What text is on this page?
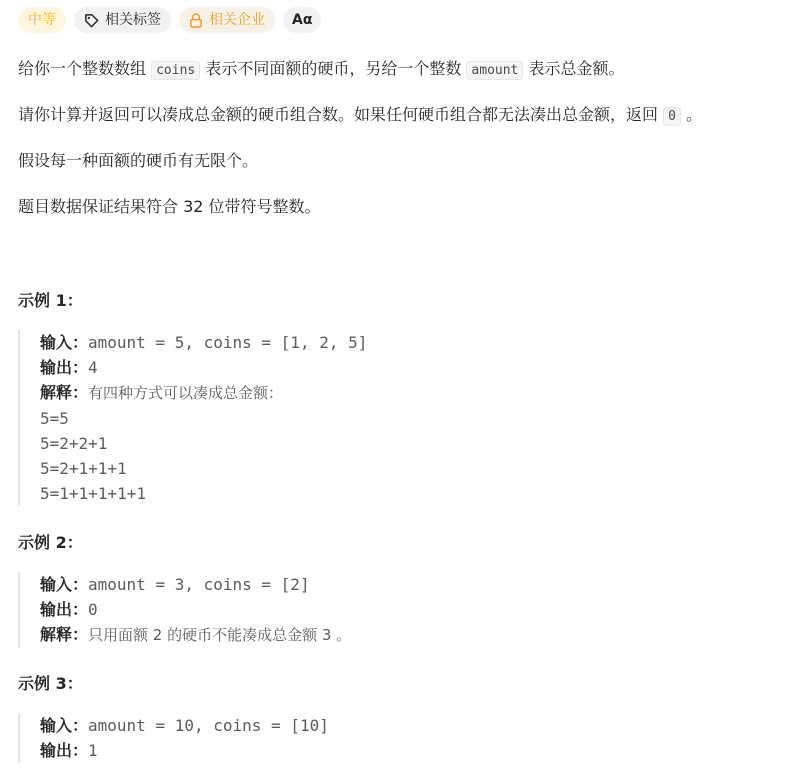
中等	相关标签	相关企业	Aα

给你一个整数数组 coins 表示不同面额的硬币，另给一个整数 amount 表示总金额。

请你计算并返回可以凑成总金额的硬币组合数。如果任何硬币组合都无法凑出总金额，返回 0 。

假设每一种面额的硬币有无限个。

题目数据保证结果符合 32 位带符号整数。

示例 1：

输入：amount = 5, coins = [1, 2, 5]
输出：4
解释：有四种方式可以凑成总金额：
5=5
5=2+2+1
5=2+1+1+1
5=1+1+1+1+1

示例 2：

输入：amount = 3, coins = [2]
输出：0
解释：只用面额 2 的硬币不能凑成总金额 3 。

示例 3：

输入：amount = 10, coins = [10]
输出：1
